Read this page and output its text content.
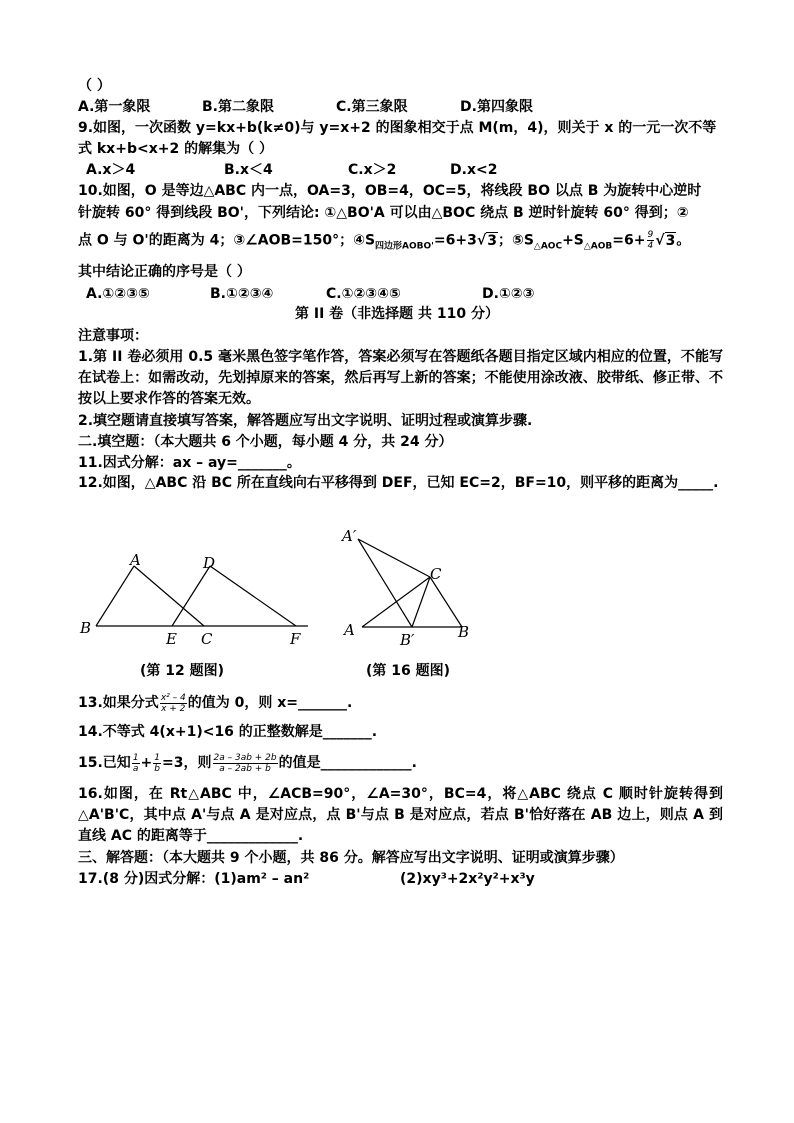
（ ）
A.第一象限	B.第二象限	C.第三象限	D.第四象限
9.如图，一次函数 y=kx+b(k≠0)与 y=x+2 的图象相交于点 M(m，4)，则关于 x 的一元一次不等
式 kx+b<x+2 的解集为（ ）
A.x＞4	B.x＜4	C.x＞2	D.x<2
10.如图，O 是等边△ABC 内一点，OA=3，OB=4，OC=5，将线段 BO 以点 B 为旋转中心逆时
针旋转 60° 得到线段 BO'，下列结论: ①△BO'A 可以由△BOC 绕点 B 逆时针旋转 60° 得到；②
点 O 与 O'的距离为 4；③∠AOB=150°；$④S_{四边形AOBO'}=6+3√3$；$⑤S_{\triangle AOC}+S_{\triangle AOB}=6+ \frac{9}{4} √3$。
其中结论正确的序号是（ ）
A.①②③⑤	B.①②③④	C.①②③④⑤	D.①②③
第 II 卷（非选择题 共 110 分）
注意事项：
1.第 II 卷必须用 0.5 毫米黑色签字笔作答，答案必须写在答题纸各题目指定区域内相应的位置，不能写在试卷上：如需改动，先划掉原来的答案，然后再写上新的答案；不能使用涂改液、胶带纸、修正带、不按以上要求作答的答案无效。
2.填空题请直接填写答案，解答题应写出文字说明、证明过程或演算步骤.
二.填空题：（本大题共 6 个小题，每小题 4 分，共 24 分）
11.因式分解：ax – ay=_______。
12.如图，△ABC 沿 BC 所在直线向右平移得到 DEF，已知 EC=2，BF=10，则平移的距离为_____.
A	D
B
E C	F
A′
C
A
B′	B
(第 12 题图)	(第 16 题图)
13.如果分式 $\frac{\text{x² – 4}}{x + 2}$ 的值为 0，则 x=_______.
14.不等式 4(x+1)<16 的正整数解是_______.
15.已知 $\frac{1}{a} + \frac{1}{b} =3$，则 $\frac{2a - 3ab + 2b}{a - 2ab + b}$ 的值是_____________.
16.如图，在 Rt△ABC 中，∠ACB=90°，∠A=30°，BC=4，将△ABC 绕点 C 顺时针旋转得到△A'B'C，其中点 A'与点 A 是对应点，点 B'与点 B 是对应点，若点 B'恰好落在 AB 边上，则点 A 到直线 AC 的距离等于_____________.
三、解答题：（本大题共 9 个小题，共 86 分。解答应写出文字说明、证明或演算步骤）
17.(8 分)因式分解：(1)am² – an²	(2)xy³+2x²y²+x³y
